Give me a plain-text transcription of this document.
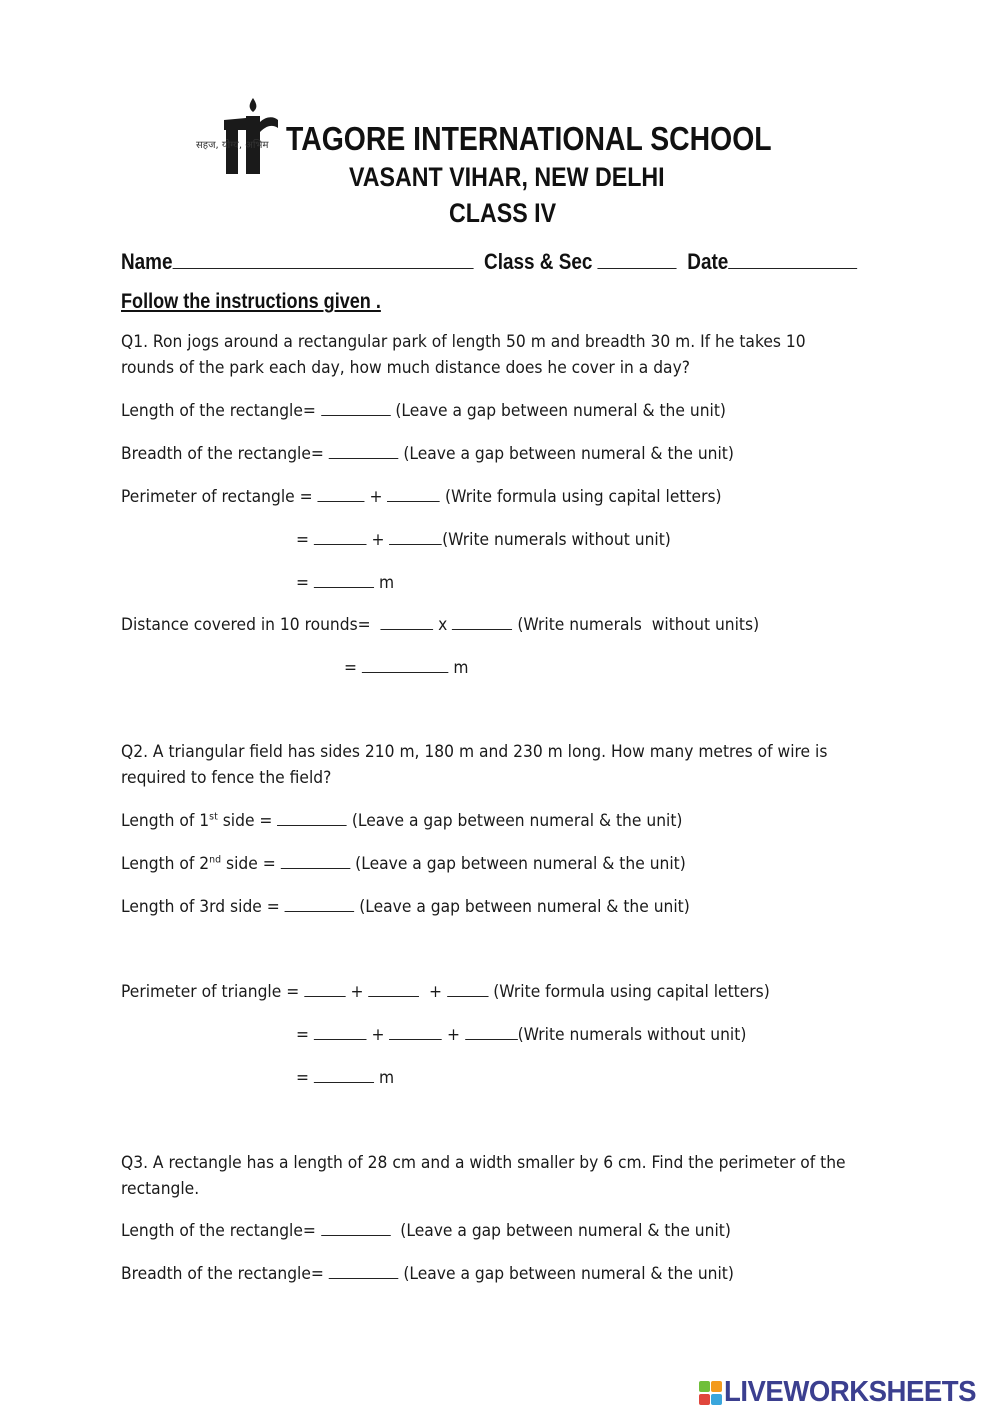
सहज, योग्य, अभिम TAGORE INTERNATIONAL SCHOOL
VASANT VIHAR, NEW DELHI
CLASS IV
Name	Class & Sec	Date
Follow the instructions given .
Q1. Ron jogs around a rectangular park of length 50 m and breadth 30 m. If he takes 10 rounds of the park each day, how much distance does he cover in a day?
Length of the rectangle=	(Leave a gap between numeral & the unit)
Breadth of the rectangle=	(Leave a gap between numeral & the unit)
Perimeter of rectangle =	+	(Write formula using capital letters)
=	+	(Write numerals without unit)
=	m
Distance covered in 10 rounds=	x	(Write numerals  without units)
=	m
Q2. A triangular field has sides 210 m, 180 m and 230 m long. How many metres of wire is required to fence the field?
Length of 1st side =	(Leave a gap between numeral & the unit)
Length of 2nd side =	(Leave a gap between numeral & the unit)
Length of 3rd side =	(Leave a gap between numeral & the unit)
Perimeter of triangle =	+	+	(Write formula using capital letters)
=	+	+	(Write numerals without unit)
=	m
Q3. A rectangle has a length of 28 cm and a width smaller by 6 cm. Find the perimeter of the rectangle.
Length of the rectangle=	(Leave a gap between numeral & the unit)
Breadth of the rectangle=	(Leave a gap between numeral & the unit)
LIVEWORKSHEETS
